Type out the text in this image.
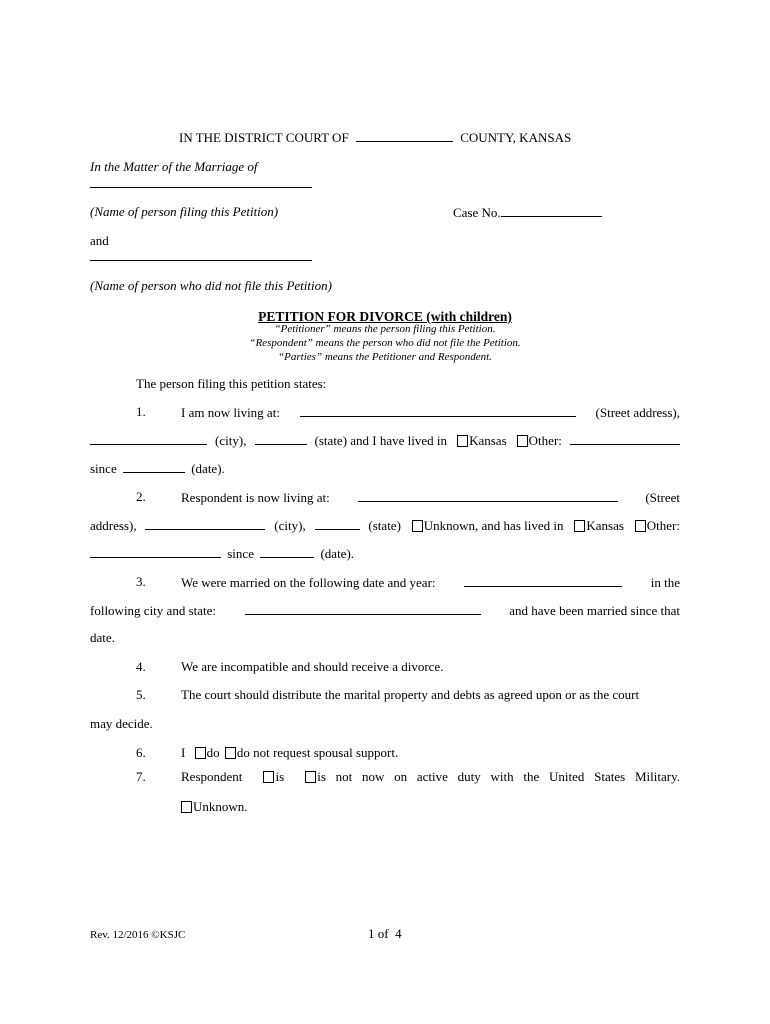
IN THE DISTRICT COURT OF	COUNTY, KANSAS
In the Matter of the Marriage of
(Name of person filing this Petition)	Case No.
and
(Name of person who did not file this Petition)
PETITION FOR DIVORCE (with children)
“Petitioner” means the person filing this Petition.
“Respondent” means the person who did not file the Petition.
“Parties” means the Petitioner and Respondent.
The person filing this petition states:
1.	I am now living at:	(Street address),
(city),	(state) and I have lived in	Kansas	Other:
since	(date).
2.	Respondent is now living at:	(Street
address),	(city),	(state)	Unknown, and has lived in	Kansas	Other:
since	(date).
3.	We were married on the following date and year:	in the
following city and state:	and have been married since that
date.
4.	We are incompatible and should receive a divorce.
5.	The court should distribute the marital property and debts as agreed upon or as the court
may decide.
6.	I do do not request spousal support.
7.	Respondent	is	is   not   now   on   active   duty   with   the   United   States   Military.
Unknown.
Rev. 12/2016 ©KSJC	1 of  4
